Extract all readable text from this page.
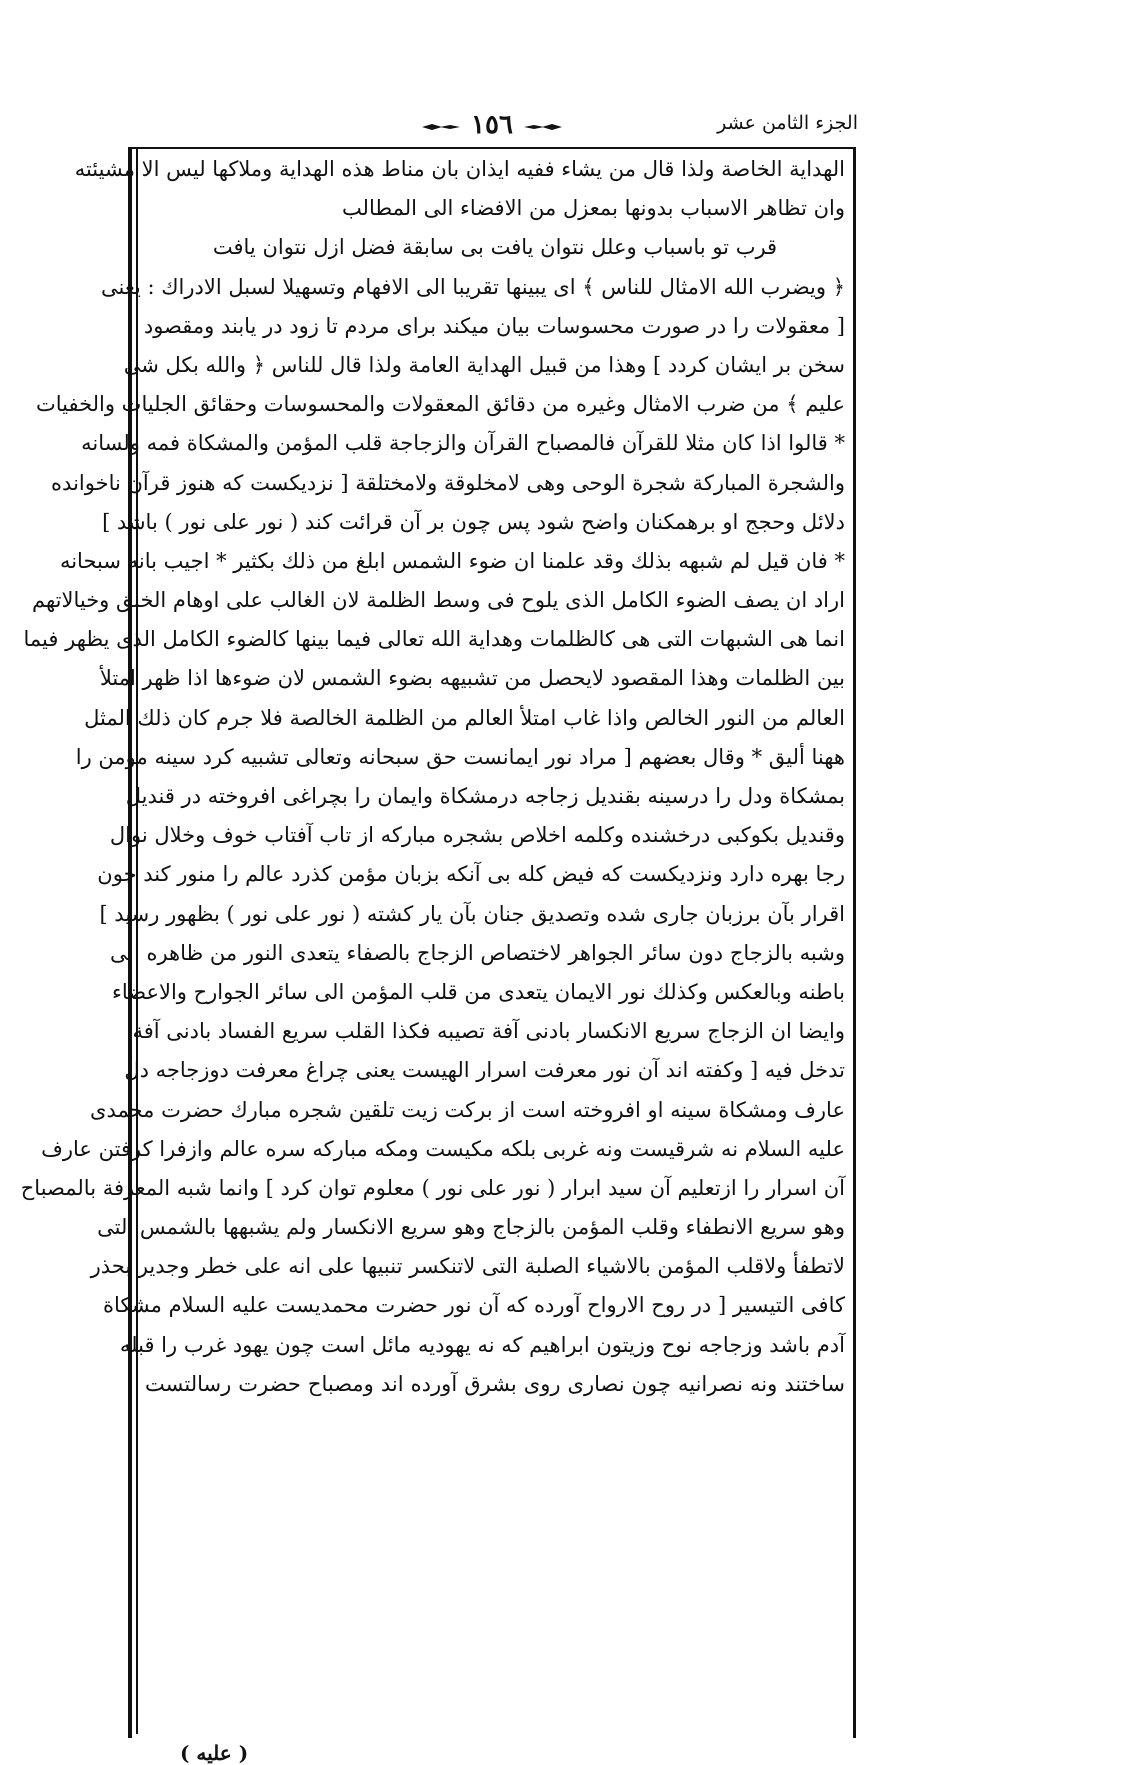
الجزء الثامن عشر
١٥٦
الهداية الخاصة ولذا قال من يشاء ففيه ايذان بان مناط هذه الهداية وملاكها ليس الا مشيئته
وان تظاهر الاسباب بدونها بمعزل من الافضاء الى المطالب
قرب تو باسباب وعلل نتوان يافت بى سابقة فضل ازل نتوان يافت
﴿ ويضرب الله الامثال للناس ﴾ اى يبينها تقريبا الى الافهام وتسهيلا لسبل الادراك : يعنى
[ معقولات را در صورت محسوسات بيان ميكند براى مردم تا زود در يابند ومقصود
سخن بر ايشان كردد ] وهذا من قبيل الهداية العامة ولذا قال للناس ﴿ والله بكل شئ
عليم ﴾ من ضرب الامثال وغيره من دقائق المعقولات والمحسوسات وحقائق الجليات والخفيات
* قالوا اذا كان مثلا للقرآن فالمصباح القرآن والزجاجة قلب المؤمن والمشكاة فمه ولسانه
والشجرة المباركة شجرة الوحى وهى لامخلوقة ولامختلقة [ نزديكست كه هنوز قرآن ناخوانده
دلائل وحجج او برهمكنان واضح شود پس چون بر آن قرائت كند ( نور على نور ) باشد ]
* فان قيل لم شبهه بذلك وقد علمنا ان ضوء الشمس ابلغ من ذلك بكثير * اجيب بانه سبحانه
اراد ان يصف الضوء الكامل الذى يلوح فى وسط الظلمة لان الغالب على اوهام الخلق وخيالاتهم
انما هى الشبهات التى هى كالظلمات وهداية الله تعالى فيما بينها كالضوء الكامل الذى يظهر فيما
بين الظلمات وهذا المقصود لايحصل من تشبيهه بضوء الشمس لان ضوءها اذا ظهر امتلأ
العالم من النور الخالص واذا غاب امتلأ العالم من الظلمة الخالصة فلا جرم كان ذلك المثل
ههنا أليق * وقال بعضهم [ مراد نور ايمانست حق سبحانه وتعالى تشبيه كرد سينه مؤمن را
بمشكاة ودل را درسينه بقنديل زجاجه درمشكاة وايمان را بچراغى افروخته در قنديل
وقنديل بكوكبى درخشنده وكلمه اخلاص بشجره مباركه از تاب آفتاب خوف وخلال نوال
رجا بهره دارد ونزديكست كه فيض كله بى آنكه بزبان مؤمن كذرد عالم را منور كند چون
اقرار بآن برزبان جارى شده وتصديق جنان بآن يار كشته ( نور على نور ) بظهور رسيد ]
وشبه بالزجاج دون سائر الجواهر لاختصاص الزجاج بالصفاء يتعدى النور من ظاهره الى
باطنه وبالعكس وكذلك نور الايمان يتعدى من قلب المؤمن الى سائر الجوارح والاعضاء
وايضا ان الزجاج سريع الانكسار بادنى آفة تصيبه فكذا القلب سريع الفساد بادنى آفة
تدخل فيه [ وكفته اند آن نور معرفت اسرار الهيست يعنى چراغ معرفت دوزجاجه دل
عارف ومشكاة سينه او افروخته است از بركت زيت تلقين شجره مبارك حضرت محمدى
عليه السلام نه شرقيست ونه غربى بلكه مكيست ومكه مباركه سره عالم وازفرا كرفتن عارف
آن اسرار را ازتعليم آن سيد ابرار ( نور على نور ) معلوم توان كرد ] وانما شبه المعرفة بالمصباح
وهو سريع الانطفاء وقلب المؤمن بالزجاج وهو سريع الانكسار ولم يشبهها بالشمس التى
لاتطفأ ولاقلب المؤمن بالاشياء الصلبة التى لاتنكسر تنبيها على انه على خطر وجدير بحذر
كافى التيسير [ در روح الارواح آورده كه آن نور حضرت محمديست عليه السلام مشكاة
آدم باشد وزجاجه نوح وزيتون ابراهيم كه نه يهوديه مائل است چون يهود غرب را قبله
ساختند ونه نصرانيه چون نصارى روى بشرق آورده اند ومصباح حضرت رسالتست
( عليه )
